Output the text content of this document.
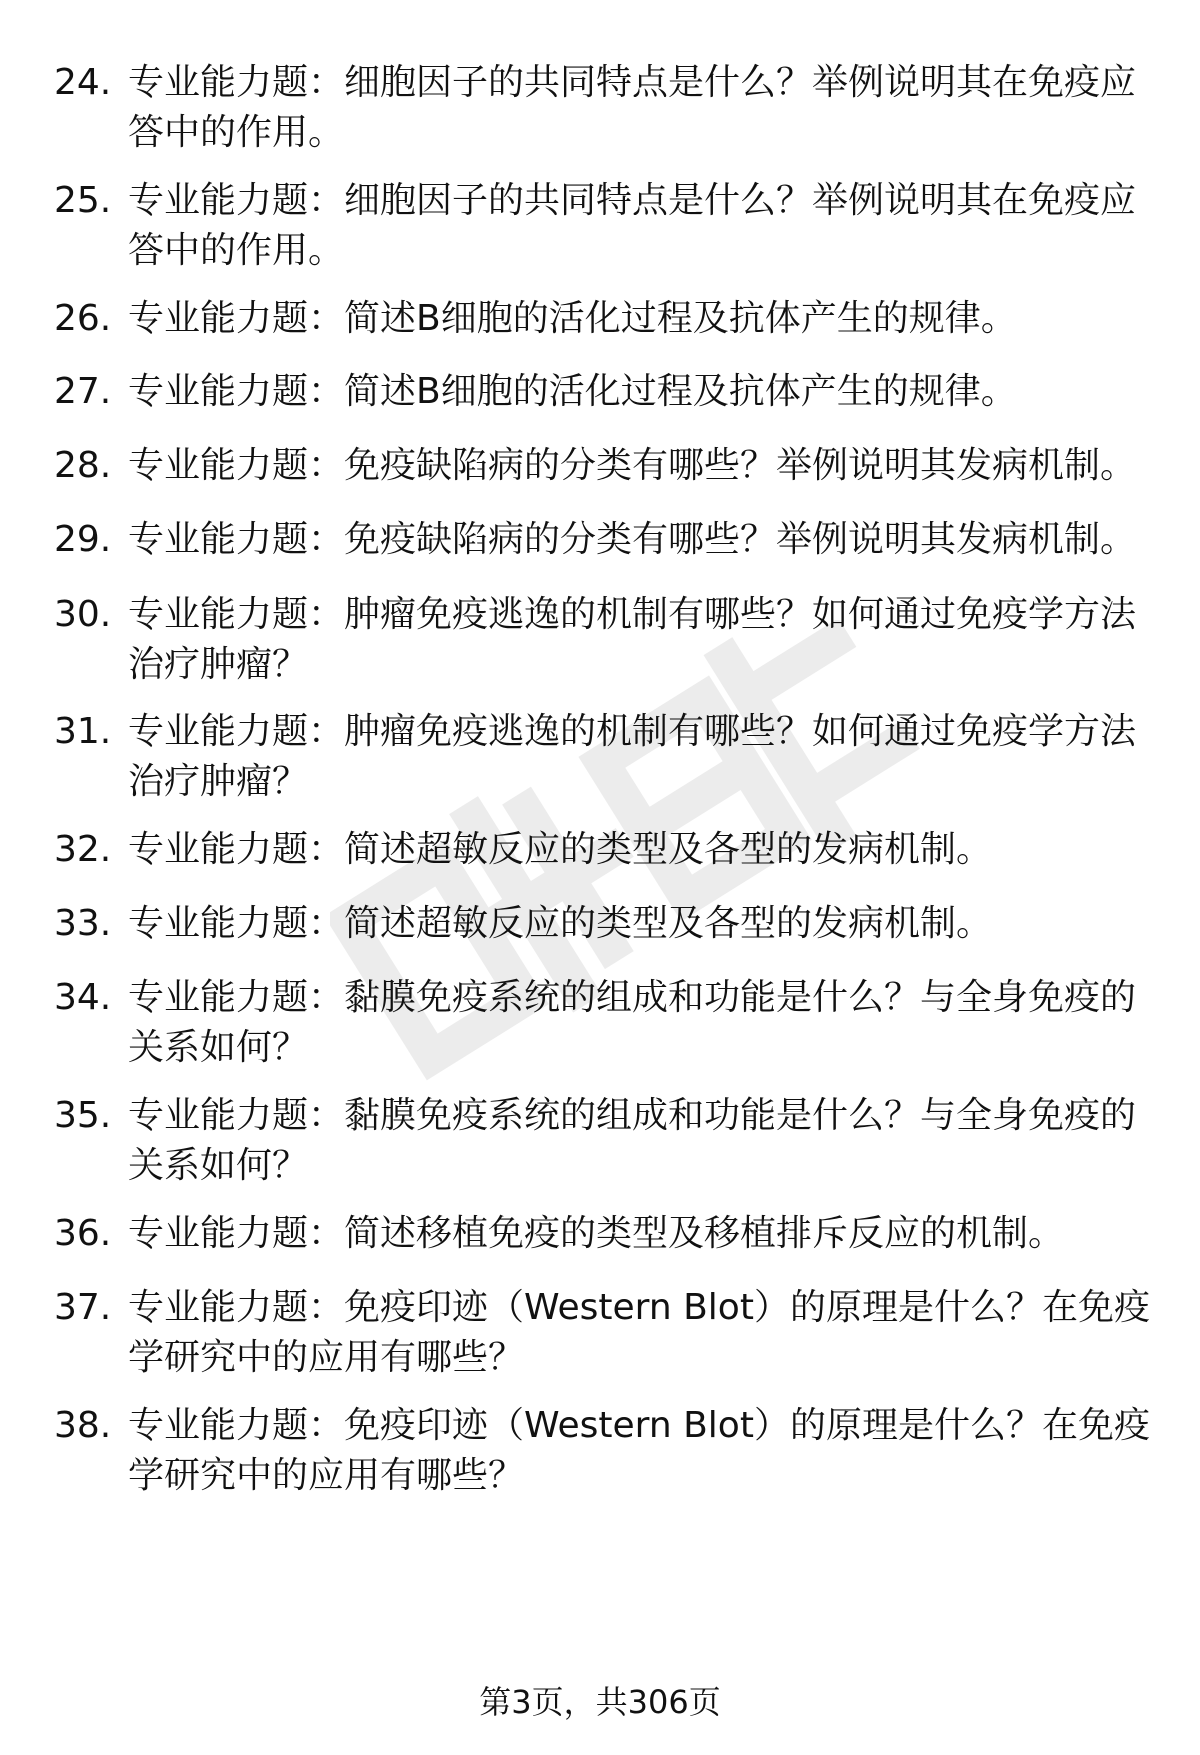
24. 专业能力题：细胞因子的共同特点是什么？举例说明其在免疫应
答中的作用。
25. 专业能力题：细胞因子的共同特点是什么？举例说明其在免疫应
答中的作用。
26. 专业能力题：简述B细胞的活化过程及抗体产生的规律。
27. 专业能力题：简述B细胞的活化过程及抗体产生的规律。
28. 专业能力题：免疫缺陷病的分类有哪些？举例说明其发病机制。
29. 专业能力题：免疫缺陷病的分类有哪些？举例说明其发病机制。
30. 专业能力题：肿瘤免疫逃逸的机制有哪些？如何通过免疫学方法
治疗肿瘤？
31. 专业能力题：肿瘤免疫逃逸的机制有哪些？如何通过免疫学方法
治疗肿瘤？
32. 专业能力题：简述超敏反应的类型及各型的发病机制。
33. 专业能力题：简述超敏反应的类型及各型的发病机制。
34. 专业能力题：黏膜免疫系统的组成和功能是什么？与全身免疫的
关系如何？
35. 专业能力题：黏膜免疫系统的组成和功能是什么？与全身免疫的
关系如何？
36. 专业能力题：简述移植免疫的类型及移植排斥反应的机制。
37. 专业能力题：免疫印迹（Western Blot）的原理是什么？在免疫
学研究中的应用有哪些？
38. 专业能力题：免疫印迹（Western Blot）的原理是什么？在免疫
学研究中的应用有哪些？
第3页，共306页
